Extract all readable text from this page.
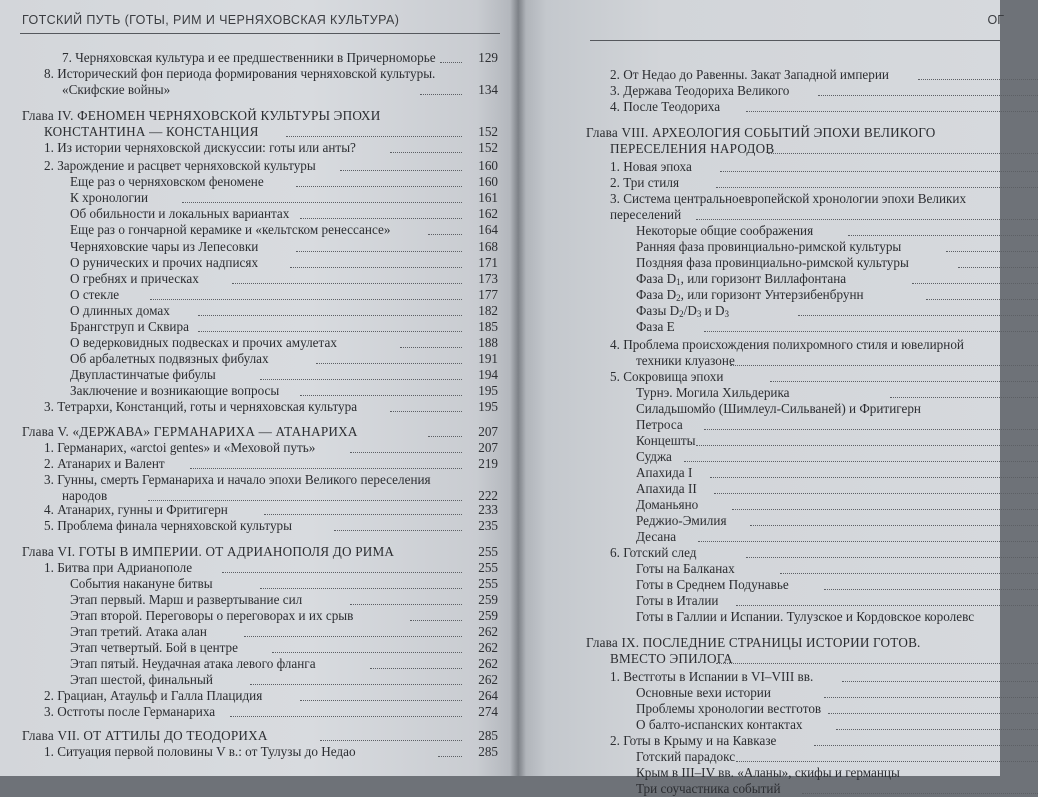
ГОТСКИЙ ПУТЬ (ГОТЫ, РИМ И ЧЕРНЯХОВСКАЯ КУЛЬТУРА)
7. Черняховская культура и ее предшественники в Причерноморье	129
8. Исторический фон периода формирования черняховской культуры.
«Скифские войны»	134
Глава IV. ФЕНОМЕН ЧЕРНЯХОВСКОЙ КУЛЬТУРЫ ЭПОХИ
КОНСТАНТИНА — КОНСТАНЦИЯ	152
1. Из истории черняховской дискуссии: готы или анты?	152
2. Зарождение и расцвет черняховской культуры	160
Еще раз о черняховском феномене	160
К хронологии	161
Об обильности и локальных вариантах	162
Еще раз о гончарной керамике и «кельтском ренессансе»	164
Черняховские чары из Лепесовки	168
О рунических и прочих надписях	171
О гребнях и прическах	173
О стекле	177
О длинных домах	182
Брангструп и Сквира	185
О ведерковидных подвесках и прочих амулетах	188
Об арбалетных подвязных фибулах	191
Двупластинчатые фибулы	194
Заключение и возникающие вопросы	195
3. Тетрархи, Констанций, готы и черняховская культура	195
Глава V. «ДЕРЖАВА» ГЕРМАНАРИХА — АТАНАРИХА	207
1. Германарих, «arctoi gentes» и «Меховой путь»	207
2. Атанарих и Валент	219
3. Гунны, смерть Германариха и начало эпохи Великого переселения
народов	222
4. Атанарих, гунны и Фритигерн	233
5. Проблема финала черняховской культуры	235
Глава VI. ГОТЫ В ИМПЕРИИ. ОТ АДРИАНОПОЛЯ ДО РИМА	255
1. Битва при Адрианополе	255
События накануне битвы	255
Этап первый. Марш и развертывание сил	259
Этап второй. Переговоры о переговорах и их срыв	259
Этап третий. Атака алан	262
Этап четвертый. Бой в центре	262
Этап пятый. Неудачная атака левого фланга	262
Этап шестой, финальный	262
2. Грациан, Атаульф и Галла Плацидия	264
3. Остготы после Германариха	274
Глава VII. ОТ АТТИЛЫ ДО ТЕОДОРИХА	285
1. Ситуация первой половины V в.: от Тулузы до Недао	285
ОГ
2. От Недао до Равенны. Закат Западной империи
3. Держава Теодориха Великого
4. После Теодориха
Глава VIII. АРХЕОЛОГИЯ СОБЫТИЙ ЭПОХИ ВЕЛИКОГО
ПЕРЕСЕЛЕНИЯ НАРОДОВ
1. Новая эпоха
2. Три стиля
3. Система центральноевропейской хронологии эпохи Великих
переселений
Некоторые общие соображения
Ранняя фаза провинциально-римской культуры
Поздняя фаза провинциально-римской культуры
Фаза $D_1$, или горизонт Виллафонтана
Фаза $D_2$, или горизонт Унтерзибенбрунн
Фазы $D_2/D_3$ и $D_3$
Фаза Е
4. Проблема происхождения полихромного стиля и ювелирной
техники клуазоне
5. Сокровища эпохи
Турнэ. Могила Хильдерика
Силадьшомйо (Шимлеул-Сильваней) и Фритигерн
Петроса
Концешты
Суджа
Апахида I
Апахида II
Доманьяно
Реджио-Эмилия
Десана
6. Готский след
Готы на Балканах
Готы в Среднем Подунавье
Готы в Италии
Готы в Галлии и Испании. Тулузское и Кордовское королевс
Глава IX. ПОСЛЕДНИЕ СТРАНИЦЫ ИСТОРИИ ГОТОВ.
ВМЕСТО ЭПИЛОГА
1. Вестготы в Испании в VI–VIII вв.
Основные вехи истории
Проблемы хронологии вестготов
О балто-испанских контактах
2. Готы в Крыму и на Кавказе
Готский парадокс
Крым в III–IV вв. «Аланы», скифы и германцы
Три соучастника событий
